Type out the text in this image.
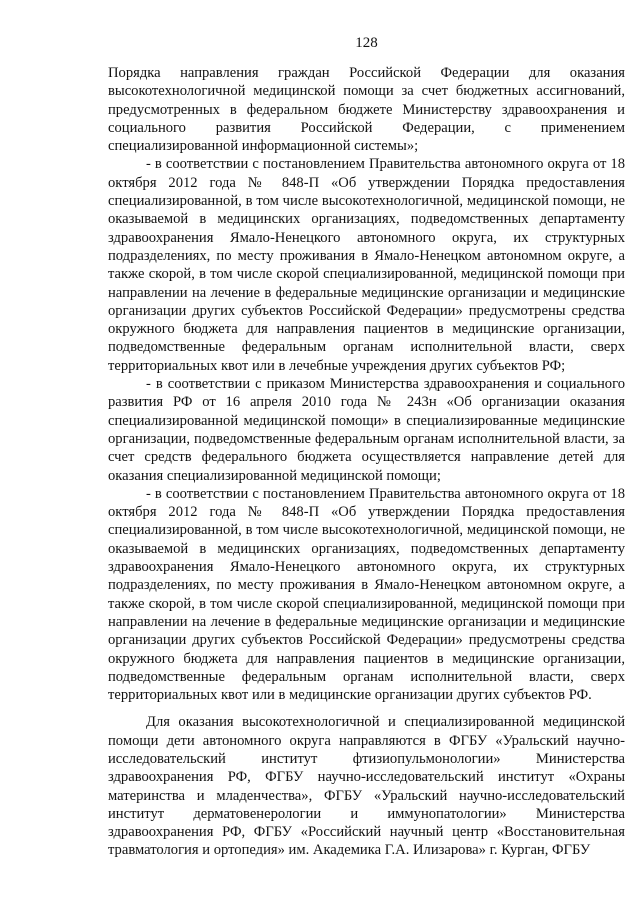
128

Порядка направления граждан Российской Федерации для оказания высокотехнологичной медицинской помощи за счет бюджетных ассигнований, предусмотренных в федеральном бюджете Министерству здравоохранения и социального развития Российской Федерации, с применением специализированной информационной системы»;

- в соответствии с постановлением Правительства автономного округа от 18 октября 2012 года № 848-П «Об утверждении Порядка предоставления специализированной, в том числе высокотехнологичной, медицинской помощи, не оказываемой в медицинских организациях, подведомственных департаменту здравоохранения Ямало-Ненецкого автономного округа, их структурных подразделениях, по месту проживания в Ямало-Ненецком автономном округе, а также скорой, в том числе скорой специализированной, медицинской помощи при направлении на лечение в федеральные медицинские организации и медицинские организации других субъектов Российской Федерации» предусмотрены средства окружного бюджета для направления пациентов в медицинские организации, подведомственные федеральным органам исполнительной власти, сверх территориальных квот или в лечебные учреждения других субъектов РФ;

- в соответствии с приказом Министерства здравоохранения и социального развития РФ от 16 апреля 2010 года № 243н «Об организации оказания специализированной медицинской помощи» в специализированные медицинские организации, подведомственные федеральным органам исполнительной власти, за счет средств федерального бюджета осуществляется направление детей для оказания специализированной медицинской помощи;

- в соответствии с постановлением Правительства автономного округа от 18 октября 2012 года № 848-П «Об утверждении Порядка предоставления специализированной, в том числе высокотехнологичной, медицинской помощи, не оказываемой в медицинских организациях, подведомственных департаменту здравоохранения Ямало-Ненецкого автономного округа, их структурных подразделениях, по месту проживания в Ямало-Ненецком автономном округе, а также скорой, в том числе скорой специализированной, медицинской помощи при направлении на лечение в федеральные медицинские организации и медицинские организации других субъектов Российской Федерации» предусмотрены средства окружного бюджета для направления пациентов в медицинские организации, подведомственные федеральным органам исполнительной власти, сверх территориальных квот или в медицинские организации других субъектов РФ.

Для оказания высокотехнологичной и специализированной медицинской помощи дети автономного округа направляются в ФГБУ «Уральский научно-исследовательский институт фтизиопульмонологии» Министерства здравоохранения РФ, ФГБУ научно-исследовательский институт «Охраны материнства и младенчества», ФГБУ «Уральский научно-исследовательский институт дерматовенерологии и иммунопатологии» Министерства здравоохранения РФ, ФГБУ «Российский научный центр «Восстановительная травматология и ортопедия» им. Академика Г.А. Илизарова» г. Курган, ФГБУ
